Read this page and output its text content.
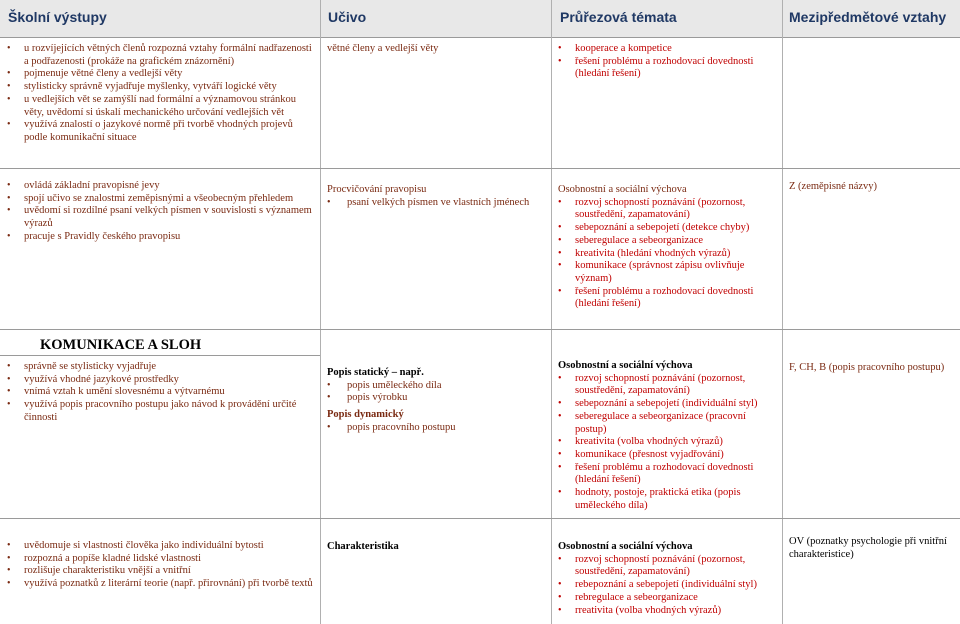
Školní výstupy	Učivo	Průřezová témata	Mezipředmětové vztahy
• u rozvíjejících větných členů rozpozná vztahy formální nadřazenosti a podřazenosti (prokáže na grafickém znázornění)
• pojmenuje větné členy a vedlejší věty
• stylisticky správně vyjadřuje myšlenky, vytváří logické věty
• u vedlejších vět se zamýšlí nad formální a významovou stránkou věty, uvědomí si úskalí mechanického určování vedlejších vět
• využívá znalostí o jazykové normě při tvorbě vhodných projevů podle komunikační situace
větné členy a vedlejší věty
•	kooperace a kompetice
• řešení problému a rozhodovací dovednosti (hledání řešení)
• ovládá základní pravopisné jevy
• spojí učivo se znalostmi zeměpisnými a všeobecným přehledem
• uvědomí si rozdílné psaní velkých písmen v souvislosti s významem výrazů
• pracuje s Pravidly českého pravopisu
Procvičování pravopisu
• psaní velkých písmen ve vlastních jménech
Osobnostní a sociální výchova
• rozvoj schopností poznávání (pozornost, soustředění, zapamatování)
• sebepoznání a sebepojetí (detekce chyby)
• seberegulace a sebeorganizace
• kreativita (hledání vhodných výrazů)
• komunikace (správnost zápisu ovlivňuje význam)
• řešení problému a rozhodovací dovednosti (hledání řešení)
Z (zeměpisné názvy)
KOMUNIKACE A SLOH
• správně se stylisticky vyjadřuje
• využívá vhodné jazykové prostředky
• vnímá vztah k umění slovesnému a výtvarnému
• využívá popis pracovního postupu jako návod k provádění určité činnosti
Popis statický – např.
• popis uměleckého díla
• popis výrobku
Popis dynamický
• popis pracovního postupu
Osobnostní a sociální výchova
• rozvoj schopností poznávání (pozornost, soustředění, zapamatování)
• sebepoznání a sebepojetí (individuální styl)
• seberegulace a sebeorganizace (pracovní postup)
• kreativita (volba vhodných výrazů)
• komunikace (přesnost vyjadřování)
• řešení problému a rozhodovací dovednosti (hledání řešení)
• hodnoty, postoje, praktická etika (popis uměleckého díla)
F, CH, B (popis pracovního postupu)
• uvědomuje si vlastnosti člověka jako individuální bytosti
• rozpozná a popíše kladné lidské vlastnosti
• rozlišuje charakteristiku vnější a vnitřní
• využívá poznatků z literární teorie (např. přirovnání) při tvorbě textů
Charakteristika	Osobnostní a sociální výchova
• rozvoj schopností poznávání (pozornost, soustředění, zapamatování)
• rebepoznání a sebepojetí (individuální styl)
• rebregulace a sebeorganizace
• rreativita (volba vhodných výrazů)
OV (poznatky psychologie při vnitřní charakteristice)
